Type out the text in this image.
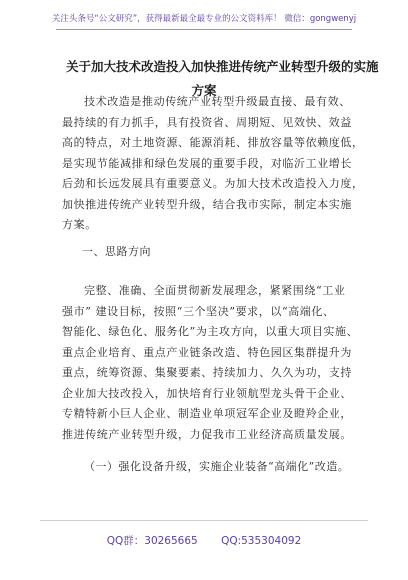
关注头条号“公文研究”，获得最新最全最专业的公文资料库！ 微信：gongwenyj
关于加大技术改造投入加快推进传统产业转型升级的实施
方案
技术改造是推动传统产业转型升级最直接、最有效、
最持续的有力抓手，具有投资省、周期短、见效快、效益
高的特点，对土地资源、能源消耗、排放容量等依赖度低，
是实现节能减排和绿色发展的重要手段，对临沂工业增长
后劲和长远发展具有重要意义。为加大技术改造投入力度，
加快推进传统产业转型升级，结合我市实际，制定本实施
方案。
一、思路方向
完整、准确、全面贯彻新发展理念，紧紧围绕“工业
强市” 建设目标，按照“三个坚决”要求，以“高端化、
智能化、绿色化、服务化”为主攻方向，以重大项目实施、
重点企业培育、重点产业链条改造、特色园区集群提升为
重点，统筹资源、集聚要素、持续加力、久久为功，支持
企业加大技改投入，加快培育行业领航型龙头骨干企业、
专精特新小巨人企业、制造业单项冠军企业及瞪羚企业，
推进传统产业转型升级，力促我市工业经济高质量发展。
（一）强化设备升级，实施企业装备“高端化”改造。
QQ群：30265665 QQ:535304092
